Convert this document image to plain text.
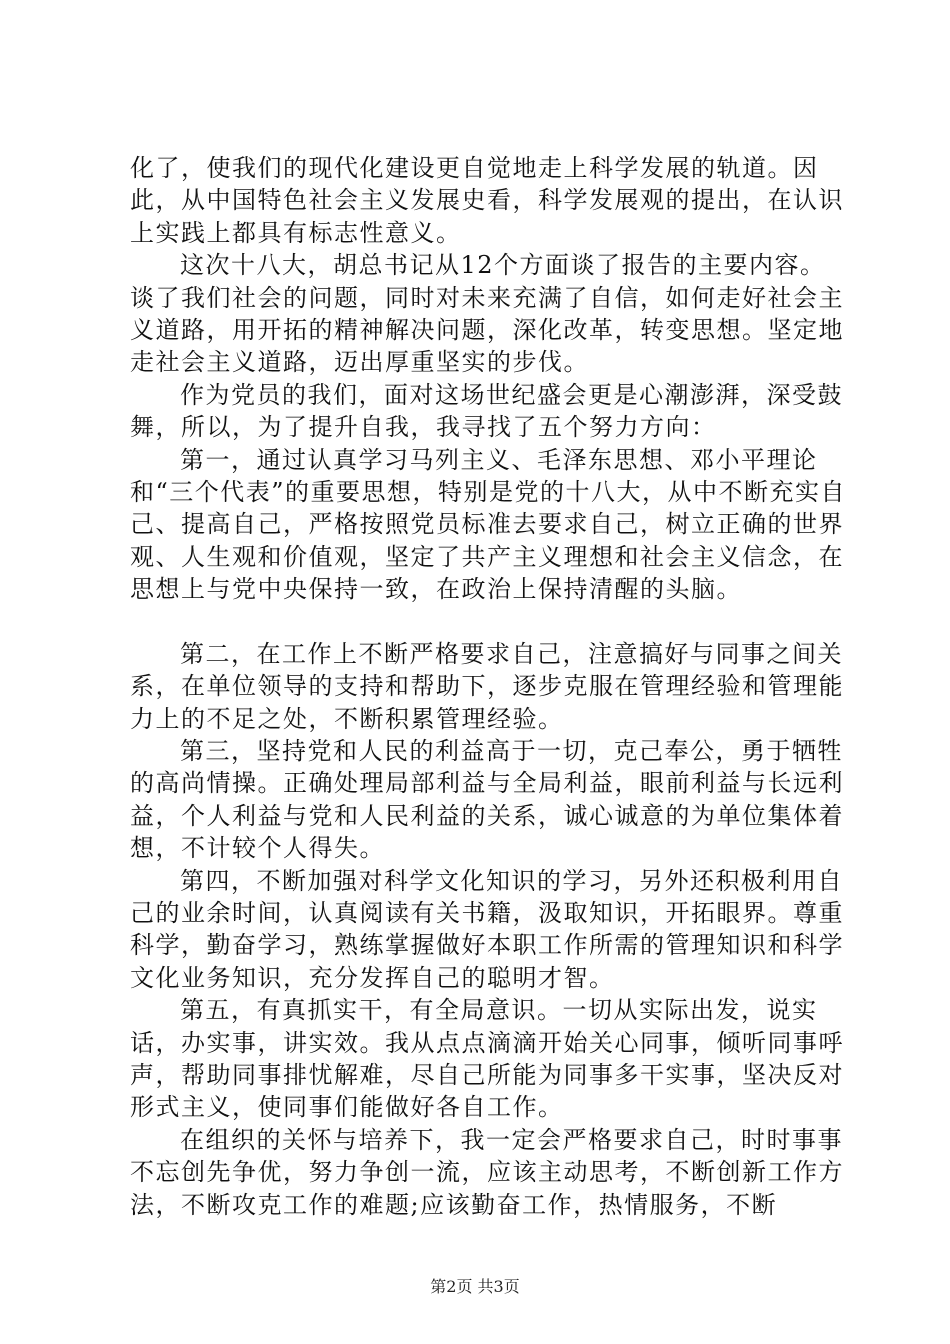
化了，使我们的现代化建设更自觉地走上科学发展的轨道。因此，从中国特色社会主义发展史看，科学发展观的提出，在认识上实践上都具有标志性意义。

这次十八大，胡总书记从12个方面谈了报告的主要内容。谈了我们社会的问题，同时对未来充满了自信，如何走好社会主义道路，用开拓的精神解决问题，深化改革，转变思想。坚定地走社会主义道路，迈出厚重坚实的步伐。

作为党员的我们，面对这场世纪盛会更是心潮澎湃，深受鼓舞，所以，为了提升自我，我寻找了五个努力方向：

第一，通过认真学习马列主义、毛泽东思想、邓小平理论和“三个代表”的重要思想，特别是党的十八大，从中不断充实自己、提高自己，严格按照党员标准去要求自己，树立正确的世界观、人生观和价值观，坚定了共产主义理想和社会主义信念，在思想上与党中央保持一致，在政治上保持清醒的头脑。

第二，在工作上不断严格要求自己，注意搞好与同事之间关系，在单位领导的支持和帮助下，逐步克服在管理经验和管理能力上的不足之处，不断积累管理经验。

第三，坚持党和人民的利益高于一切，克己奉公，勇于牺牲的高尚情操。正确处理局部利益与全局利益，眼前利益与长远利益，个人利益与党和人民利益的关系，诚心诚意的为单位集体着想，不计较个人得失。

第四，不断加强对科学文化知识的学习，另外还积极利用自己的业余时间，认真阅读有关书籍，汲取知识，开拓眼界。尊重科学，勤奋学习，熟练掌握做好本职工作所需的管理知识和科学文化业务知识，充分发挥自己的聪明才智。

第五，有真抓实干，有全局意识。一切从实际出发，说实话，办实事，讲实效。我从点点滴滴开始关心同事，倾听同事呼声，帮助同事排忧解难，尽自己所能为同事多干实事，坚决反对形式主义，使同事们能做好各自工作。

在组织的关怀与培养下，我一定会严格要求自己，时时事事不忘创先争优，努力争创一流，应该主动思考，不断创新工作方法，不断攻克工作的难题;应该勤奋工作，热情服务，不断

第2页 共3页
